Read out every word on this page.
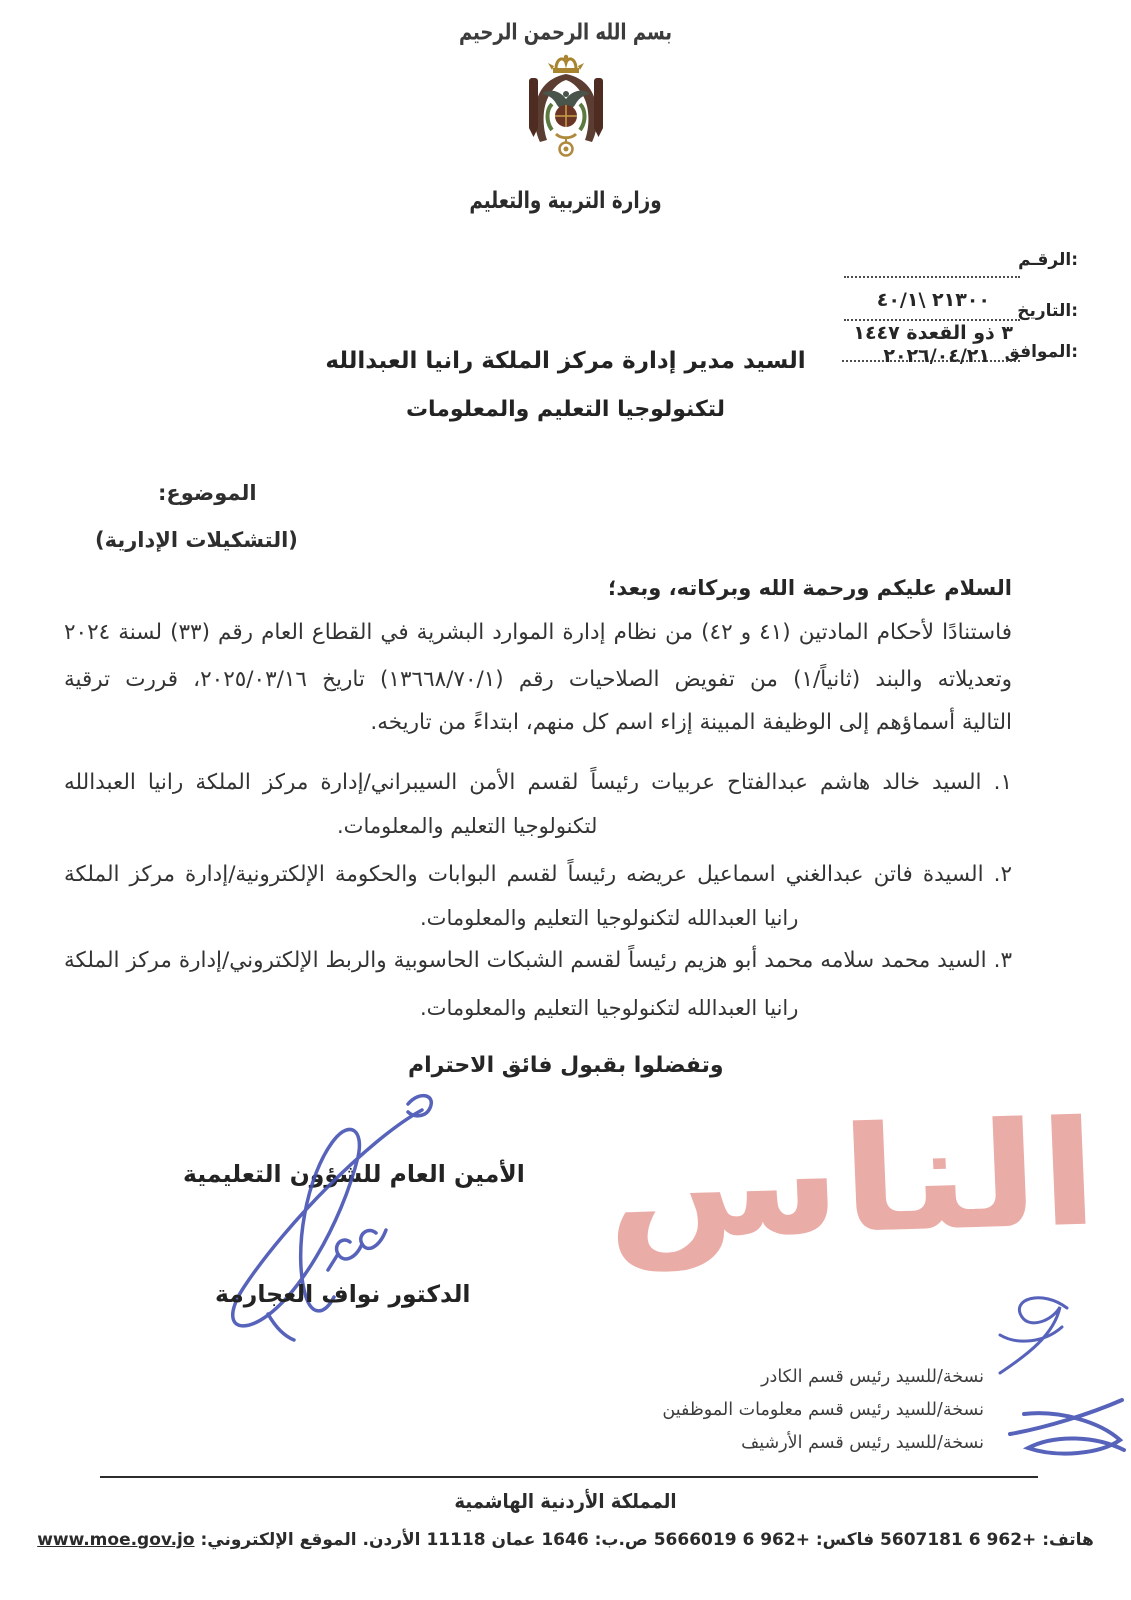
بسم الله الرحمن الرحيم
وزارة التربية والتعليم
الرقـم:
التاريخ:
٢١٣٠٠ \٤٠/١
٣ ذو القعدة ١٤٤٧
الموافق:
٢٠٢٦/٠٤/٢١
السيد مدير إدارة مركز الملكة رانيا العبدالله
لتكنولوجيا التعليم والمعلومات
الموضوع:
(التشكيلات الإدارية)
السلام عليكم ورحمة الله وبركاته، وبعد؛
فاستنادًا لأحكام المادتين (٤١ و ٤٢) من نظام إدارة الموارد البشرية في القطاع العام رقم (٣٣) لسنة ٢٠٢٤
وتعديلاته والبند (ثانياً/١) من تفويض الصلاحيات رقم (١٣٦٦٨/٧٠/١) تاريخ ٢٠٢٥/٠٣/١٦، قررت ترقية
التالية أسماؤهم إلى الوظيفة المبينة إزاء اسم كل منهم، ابتداءً من تاريخه.
١. السيد خالد هاشم عبدالفتاح عربيات رئيساً لقسم الأمن السيبراني/إدارة مركز الملكة رانيا العبدالله
لتكنولوجيا التعليم والمعلومات.
٢. السيدة فاتن عبدالغني اسماعيل عريضه رئيساً لقسم البوابات والحكومة الإلكترونية/إدارة مركز الملكة
رانيا العبدالله لتكنولوجيا التعليم والمعلومات.
٣. السيد محمد سلامه محمد أبو هزيم رئيساً لقسم الشبكات الحاسوبية والربط الإلكتروني/إدارة مركز الملكة
رانيا العبدالله لتكنولوجيا التعليم والمعلومات.
وتفضلوا بقبول فائق الاحترام
الناس
الأمين العام للشؤون التعليمية
الدكتور نواف العجارمة
نسخة/للسيد رئيس قسم الكادر
نسخة/للسيد رئيس قسم معلومات الموظفين
نسخة/للسيد رئيس قسم الأرشيف
المملكة الأردنية الهاشمية
هاتف: +962 6 5607181 فاكس: +962 6 5666019 ص.ب: 1646 عمان 11118 الأردن. الموقع الإلكتروني: www.moe.gov.jo
